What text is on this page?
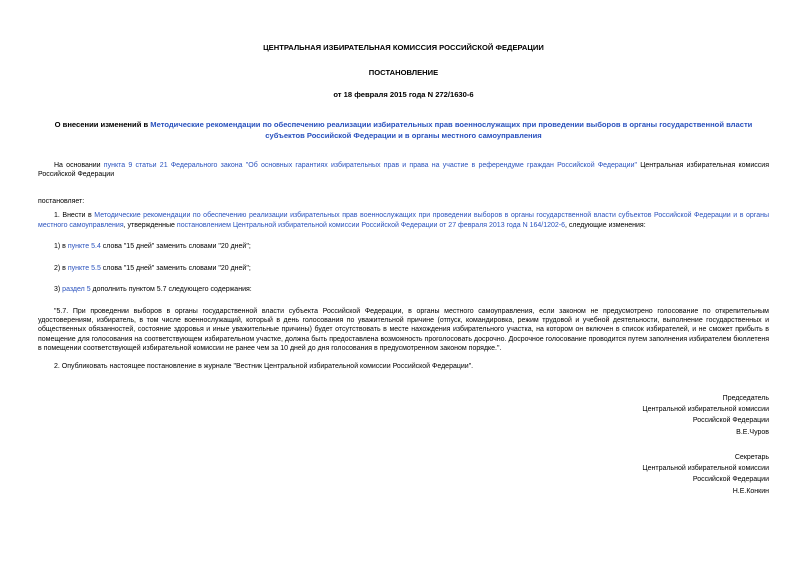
ЦЕНТРАЛЬНАЯ ИЗБИРАТЕЛЬНАЯ КОМИССИЯ РОССИЙСКОЙ ФЕДЕРАЦИИ
ПОСТАНОВЛЕНИЕ
от 18 февраля 2015 года N 272/1630-6
О внесении изменений в Методические рекомендации по обеспечению реализации избирательных прав военнослужащих при проведении выборов в органы государственной власти субъектов Российской Федерации и в органы местного самоуправления

На основании пункта 9 статьи 21 Федерального закона "Об основных гарантиях избирательных прав и права на участие в референдуме граждан Российской Федерации" Центральная избирательная комиссия Российской Федерации

постановляет:

1. Внести в Методические рекомендации по обеспечению реализации избирательных прав военнослужащих при проведении выборов в органы государственной власти субъектов Российской Федерации и в органы местного самоуправления, утвержденные постановлением Центральной избирательной комиссии Российской Федерации от 27 февраля 2013 года N 164/1202-6, следующие изменения:

1) в пункте 5.4 слова "15 дней" заменить словами "20 дней";

2) в пункте 5.5 слова "15 дней" заменить словами "20 дней";

3) раздел 5 дополнить пунктом 5.7 следующего содержания:

"5.7. При проведении выборов в органы государственной власти субъекта Российской Федерации, в органы местного самоуправления, если законом не предусмотрено голосование по открепительным удостоверениям, избиратель, в том числе военнослужащий, который в день голосования по уважительной причине (отпуск, командировка, режим трудовой и учебной деятельности, выполнение государственных и общественных обязанностей, состояние здоровья и иные уважительные причины) будет отсутствовать в месте нахождения избирательного участка, на котором он включен в список избирателей, и не сможет прибыть в помещение для голосования на соответствующем избирательном участке, должна быть предоставлена возможность проголосовать досрочно. Досрочное голосование проводится путем заполнения избирателем бюллетеня в помещении соответствующей избирательной комиссии не ранее чем за 10 дней до дня голосования в предусмотренном законом порядке.".

2. Опубликовать настоящее постановление в журнале "Вестник Центральной избирательной комиссии Российской Федерации".

Председатель
Центральной избирательной комиссии
Российской Федерации
В.Е.Чуров
Секретарь
Центральной избирательной комиссии
Российской Федерации
Н.Е.Конкин
